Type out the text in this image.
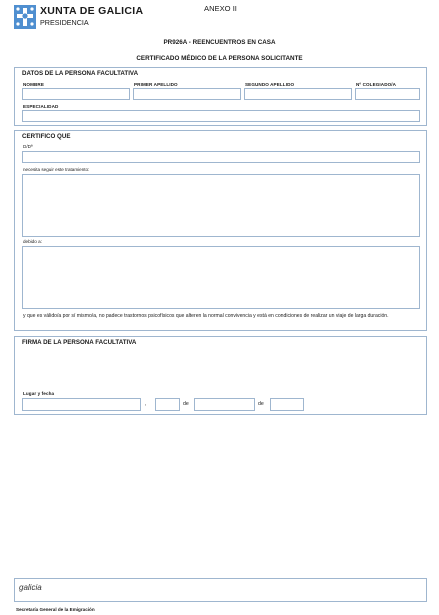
XUNTA DE GALICIA
PRESIDENCIA
ANEXO II
PR926A - REENCUENTROS EN CASA
CERTIFICADO MÉDICO DE LA PERSONA SOLICITANTE
DATOS DE LA PERSONA FACULTATIVA
NOMBRE	PRIMER APELLIDO	SEGUNDO APELLIDO	Nº COLEGIADO/A
ESPECIALIDAD
CERTIFICO QUE
D/Dª
necesita seguir este tratamiento:
debido a:
y que es válido/a por sí mismo/a, no padece trastornos psicofísicos que alteren la normal convivencia y está en condiciones de realizar un viaje de larga duración.
FIRMA DE LA PERSONA FACULTATIVA
Lugar y fecha
,	de	de
galicia
Secretaría General de la Emigración
